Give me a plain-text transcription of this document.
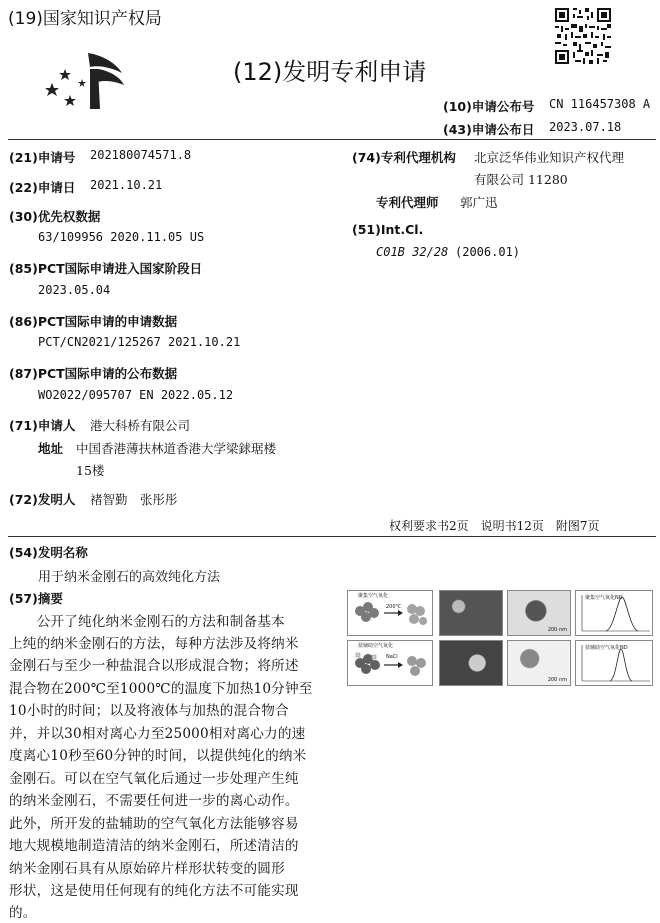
(19)国家知识产权局
(12)发明专利申请
(10)申请公布号 CN 116457308 A
(43)申请公布日 2023.07.18
(21)申请号 202180074571.8
(22)申请日 2021.10.21
(30)优先权数据
63/109956 2020.11.05 US
(85)PCT国际申请进入国家阶段日
2023.05.04
(86)PCT国际申请的申请数据
PCT/CN2021/125267 2021.10.21
(87)PCT国际申请的公布数据
WO2022/095707 EN 2022.05.12
(71)申请人 港大科桥有限公司
地址 中国香港薄扶林道香港大学梁銶琚楼
15楼
(72)发明人 褚智勤　张彤彤
(74)专利代理机构 北京泛华伟业知识产权代理
有限公司 11280
专利代理师 郭广迅
(51)Int.Cl.
C01B 32/28 (2006.01)
权利要求书2页　说明书12页　附图7页
(54)发明名称
用于纳米金刚石的高效纯化方法
(57)摘要
　　公开了纯化纳米金刚石的方法和制备基本
上纯的纳米金刚石的方法，每种方法涉及将纳米
金刚石与至少一种盐混合以形成混合物；将所述
混合物在200℃至1000℃的温度下加热10分钟至
10小时的时间；以及将液体与加热的混合物合
并，并以30相对离心力至25000相对离心力的速
度离心10秒至60分钟的时间，以提供纯化的纳米
金刚石。可以在空气氧化后通过一步处理产生纯
的纳米金刚石，不需要任何进一步的离心动作。
此外，所开发的盐辅助的空气氧化方法能够容易
地大规模地制造清洁的纳米金刚石，所述清洁的
纳米金刚石具有从原始碎片样形状转变的圆形
形状，这是使用任何现有的纯化方法不可能实现
的。
聚集空气氧化
200℃
盐辅助空气氧化
NaCl
200 nm
200 nm
聚集空气氧化ND
盐辅助空气氧化ND
